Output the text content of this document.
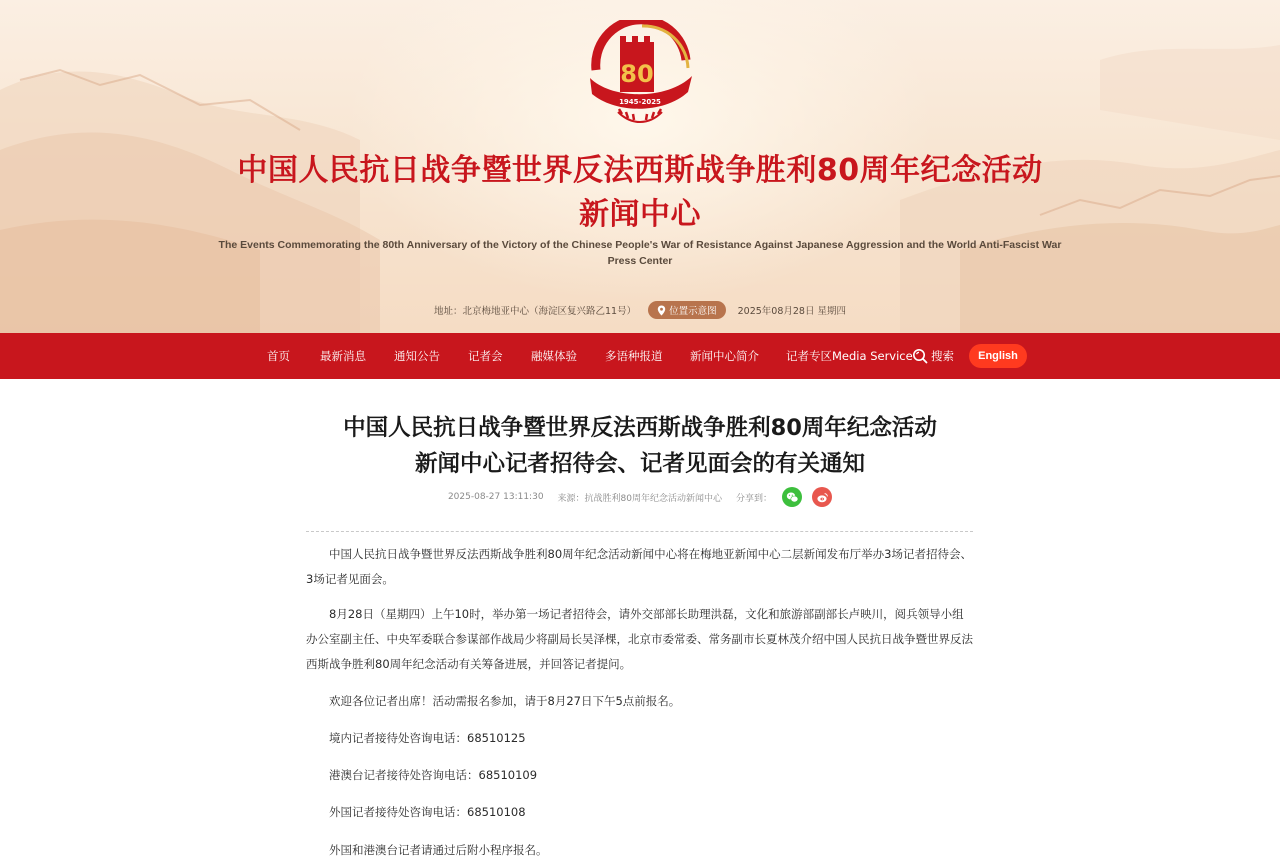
80
1945-2025
中国人民抗日战争暨世界反法西斯战争胜利80周年纪念活动
新闻中心
The Events Commemorating the 80th Anniversary of the Victory of the Chinese People's War of Resistance Against Japanese Aggression and the World Anti-Fascist War
Press Center
地址：北京梅地亚中心（海淀区复兴路乙11号）	位置示意图 2025年08月28日 星期四
首页	最新消息 通知公告 记者会 融媒体验 多语种报道 新闻中心简介 记者专区Media Service 搜索	English
中国人民抗日战争暨世界反法西斯战争胜利80周年纪念活动
新闻中心记者招待会、记者见面会的有关通知
2025-08-27 13:11:30 来源：抗战胜利80周年纪念活动新闻中心 分享到：
中国人民抗日战争暨世界反法西斯战争胜利80周年纪念活动新闻中心将在梅地亚新闻中心二层新闻发布厅举办3场记者招待会、3场记者见面会。
8月28日（星期四）上午10时，举办第一场记者招待会，请外交部部长助理洪磊，文化和旅游部副部长卢映川，阅兵领导小组办公室副主任、中央军委联合参谋部作战局少将副局长吴泽棵，北京市委常委、常务副市长夏林茂介绍中国人民抗日战争暨世界反法西斯战争胜利80周年纪念活动有关筹备进展，并回答记者提问。
欢迎各位记者出席！活动需报名参加，请于8月27日下午5点前报名。
境内记者接待处咨询电话：68510125
港澳台记者接待处咨询电话：68510109
外国记者接待处咨询电话：68510108
外国和港澳台记者请通过后附小程序报名。
